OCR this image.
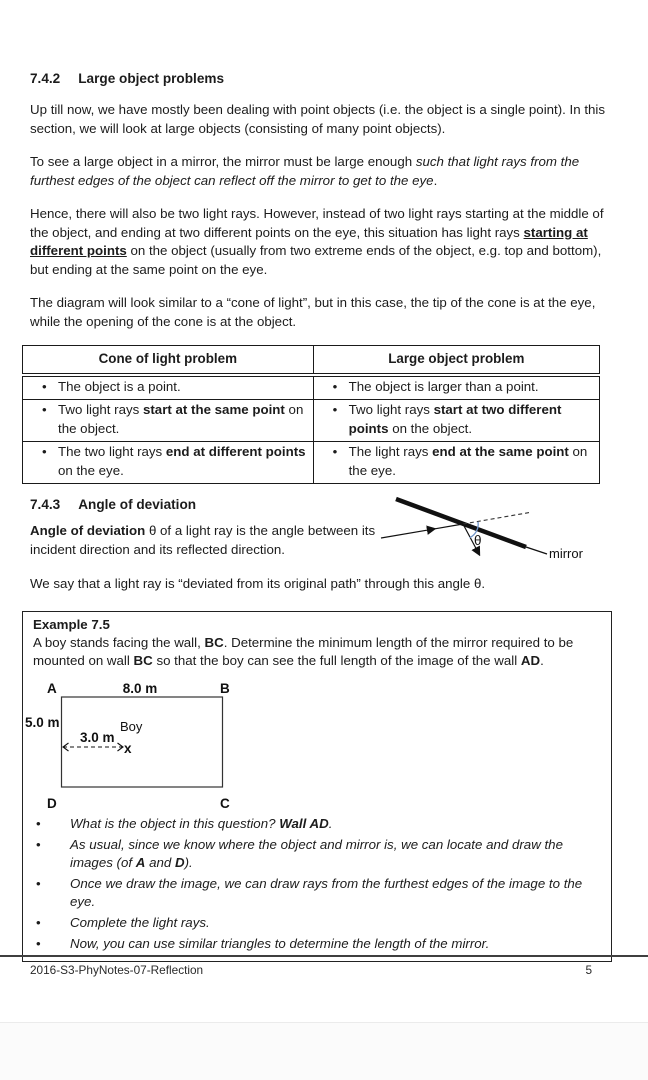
7.4.2 Large object problems

Up till now, we have mostly been dealing with point objects (i.e. the object is a single point). In this section, we will look at large objects (consisting of many point objects).

To see a large object in a mirror, the mirror must be large enough such that light rays from the furthest edges of the object can reflect off the mirror to get to the eye.

Hence, there will also be two light rays. However, instead of two light rays starting at the middle of the object, and ending at two different points on the eye, this situation has light rays starting at different points on the object (usually from two extreme ends of the object, e.g. top and bottom), but ending at the same point on the eye.

The diagram will look similar to a “cone of light”, but in this case, the tip of the cone is at the eye, while the opening of the cone is at the object.

Cone of light problem	Large object problem

• The object is a point.	• The object is larger than a point.

• Two light rays start at the same point on the object.	• Two light rays start at two different points on the object.

• The two light rays end at different points on the eye.	• The light rays end at the same point on the eye.
7.4.3 Angle of deviation

Angle of deviation θ of a light ray is the angle between its incident direction and its reflected direction.	mirror
θ

We say that a light ray is “deviated from its original path” through this angle θ.

Example 7.5

A boy stands facing the wall, BC. Determine the minimum length of the mirror required to be mounted on wall BC so that the boy can see the full length of the image of the wall AD.

A	8.0 m	B
5.0 m	Boy
3.0 m
x
D	C
•	What is the object in this question? Wall AD.
•	As usual, since we know where the object and mirror is, we can locate and draw the images (of A and D).
•	Once we draw the image, we can draw rays from the furthest edges of the image to the eye.
•	Complete the light rays.
•	Now, you can use similar triangles to determine the length of the mirror.
2016-S3-PhyNotes-07-Reflection	5
